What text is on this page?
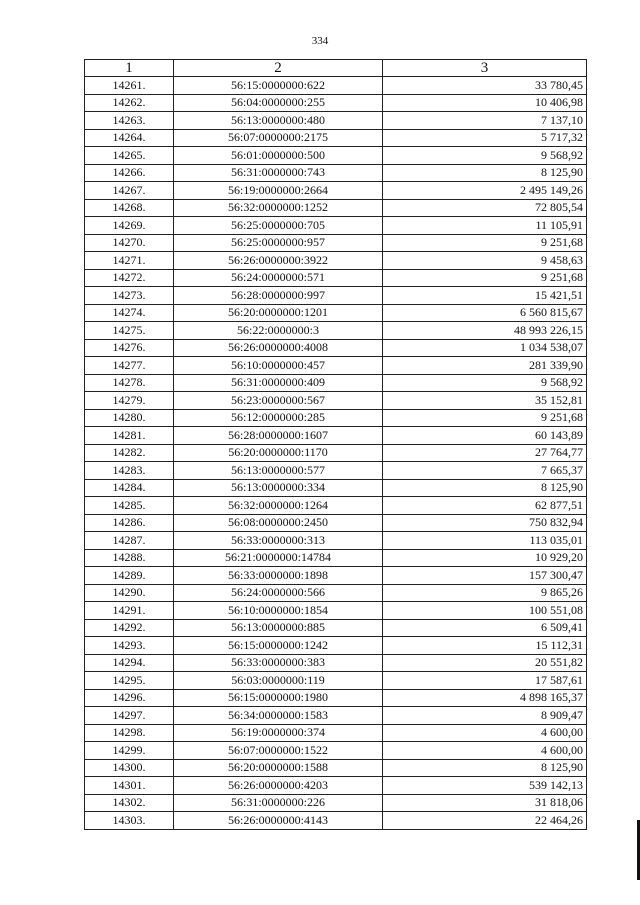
334
1	2	3
14261.	56:15:0000000:622	33 780,45
14262.	56:04:0000000:255	10 406,98
14263.	56:13:0000000:480	7 137,10
14264.	56:07:0000000:2175	5 717,32
14265.	56:01:0000000:500	9 568,92
14266.	56:31:0000000:743	8 125,90
14267.	56:19:0000000:2664	2 495 149,26
14268.	56:32:0000000:1252	72 805,54
14269.	56:25:0000000:705	11 105,91
14270.	56:25:0000000:957	9 251,68
14271.	56:26:0000000:3922	9 458,63
14272.	56:24:0000000:571	9 251,68
14273.	56:28:0000000:997	15 421,51
14274.	56:20:0000000:1201	6 560 815,67
14275.	56:22:0000000:3	48 993 226,15
14276.	56:26:0000000:4008	1 034 538,07
14277.	56:10:0000000:457	281 339,90
14278.	56:31:0000000:409	9 568,92
14279.	56:23:0000000:567	35 152,81
14280.	56:12:0000000:285	9 251,68
14281.	56:28:0000000:1607	60 143,89
14282.	56:20:0000000:1170	27 764,77
14283.	56:13:0000000:577	7 665,37
14284.	56:13:0000000:334	8 125,90
14285.	56:32:0000000:1264	62 877,51
14286.	56:08:0000000:2450	750 832,94
14287.	56:33:0000000:313	113 035,01
14288.	56:21:0000000:14784	10 929,20
14289.	56:33:0000000:1898	157 300,47
14290.	56:24:0000000:566	9 865,26
14291.	56:10:0000000:1854	100 551,08
14292.	56:13:0000000:885	6 509,41
14293.	56:15:0000000:1242	15 112,31
14294.	56:33:0000000:383	20 551,82
14295.	56:03:0000000:119	17 587,61
14296.	56:15:0000000:1980	4 898 165,37
14297.	56:34:0000000:1583	8 909,47
14298.	56:19:0000000:374	4 600,00
14299.	56:07:0000000:1522	4 600,00
14300.	56:20:0000000:1588	8 125,90
14301.	56:26:0000000:4203	539 142,13
14302.	56:31:0000000:226	31 818,06
14303.	56:26:0000000:4143	22 464,26
